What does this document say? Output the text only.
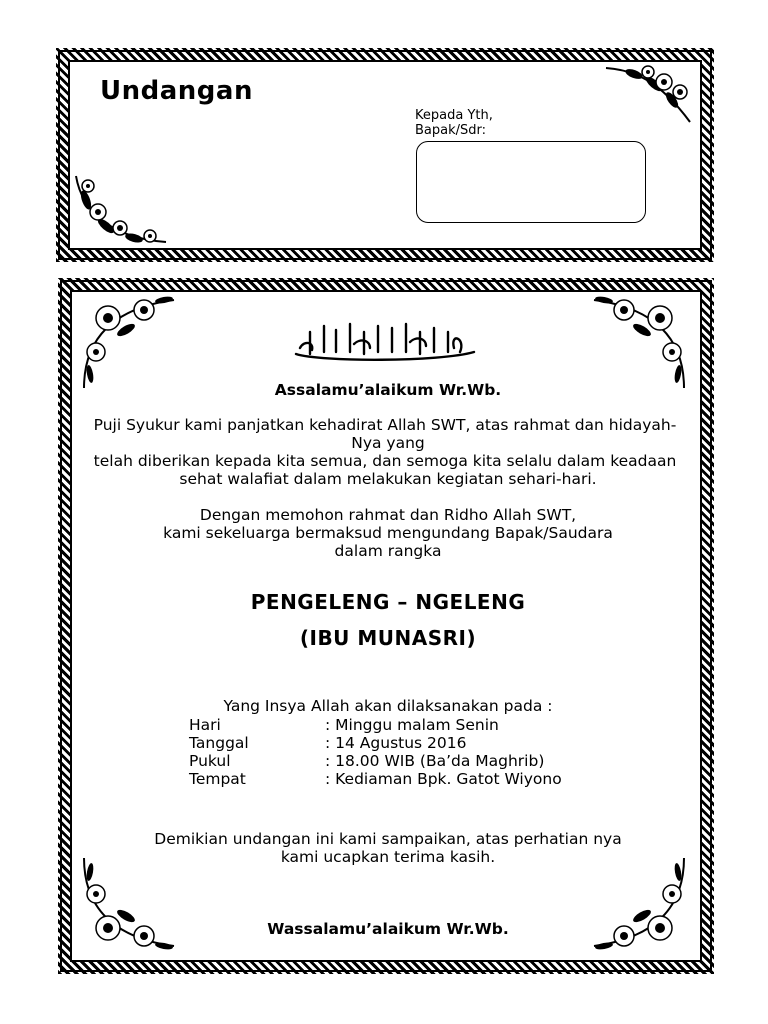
Undangan
Kepada Yth,
Bapak/Sdr:
Assalamu’alaikum Wr.Wb.
Puji Syukur kami panjatkan kehadirat Allah SWT, atas rahmat dan hidayah-
Nya yang
telah diberikan kepada kita semua, dan semoga kita selalu dalam keadaan
sehat walafiat dalam melakukan kegiatan sehari-hari.
Dengan memohon rahmat dan Ridho Allah SWT,
kami sekeluarga bermaksud mengundang Bapak/Saudara
dalam rangka
PENGELENG – NGELENG
(IBU MUNASRI)
Yang Insya Allah akan dilaksanakan pada :
Hari	: Minggu malam Senin
Tanggal	: 14 Agustus 2016
Pukul	: 18.00 WIB (Ba’da Maghrib)
Tempat	: Kediaman Bpk. Gatot Wiyono
Demikian undangan ini kami sampaikan, atas perhatian nya
kami ucapkan terima kasih.
Wassalamu’alaikum Wr.Wb.
